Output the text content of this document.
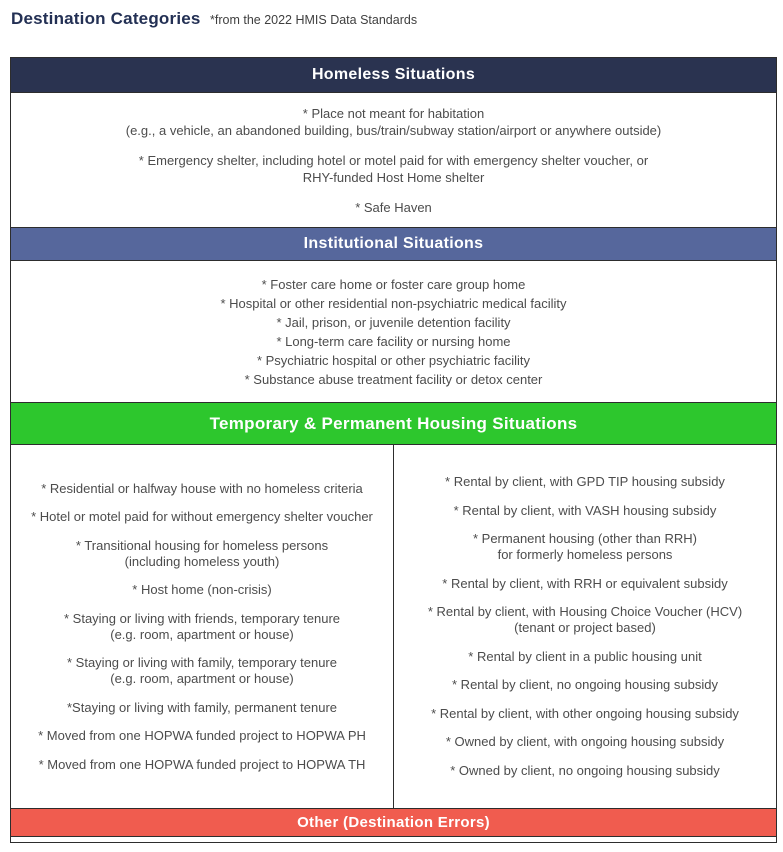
Destination Categories *from the 2022 HMIS Data Standards
Homeless Situations
* Place not meant for habitation
(e.g., a vehicle, an abandoned building, bus/train/subway station/airport or anywhere outside)
* Emergency shelter, including hotel or motel paid for with emergency shelter voucher, or
RHY-funded Host Home shelter
* Safe Haven
Institutional Situations
* Foster care home or foster care group home
* Hospital or other residential non-psychiatric medical facility
* Jail, prison, or juvenile detention facility
* Long-term care facility or nursing home
* Psychiatric hospital or other psychiatric facility
* Substance abuse treatment facility or detox center
Temporary & Permanent Housing Situations
* Residential or halfway house with no homeless criteria
* Hotel or motel paid for without emergency shelter voucher
* Transitional housing for homeless persons
(including homeless youth)
* Host home (non-crisis)
* Staying or living with friends, temporary tenure
(e.g. room, apartment or house)
* Staying or living with family, temporary tenure
(e.g. room, apartment or house)
*Staying or living with family, permanent tenure
* Moved from one HOPWA funded project to HOPWA PH
* Moved from one HOPWA funded project to HOPWA TH
* Rental by client, with GPD TIP housing subsidy
* Rental by client, with VASH housing subsidy
* Permanent housing (other than RRH)
for formerly homeless persons
* Rental by client, with RRH or equivalent subsidy
* Rental by client, with Housing Choice Voucher (HCV)
(tenant or project based)
* Rental by client in a public housing unit
* Rental by client, no ongoing housing subsidy
* Rental by client, with other ongoing housing subsidy
* Owned by client, with ongoing housing subsidy
* Owned by client, no ongoing housing subsidy
Other (Destination Errors)
